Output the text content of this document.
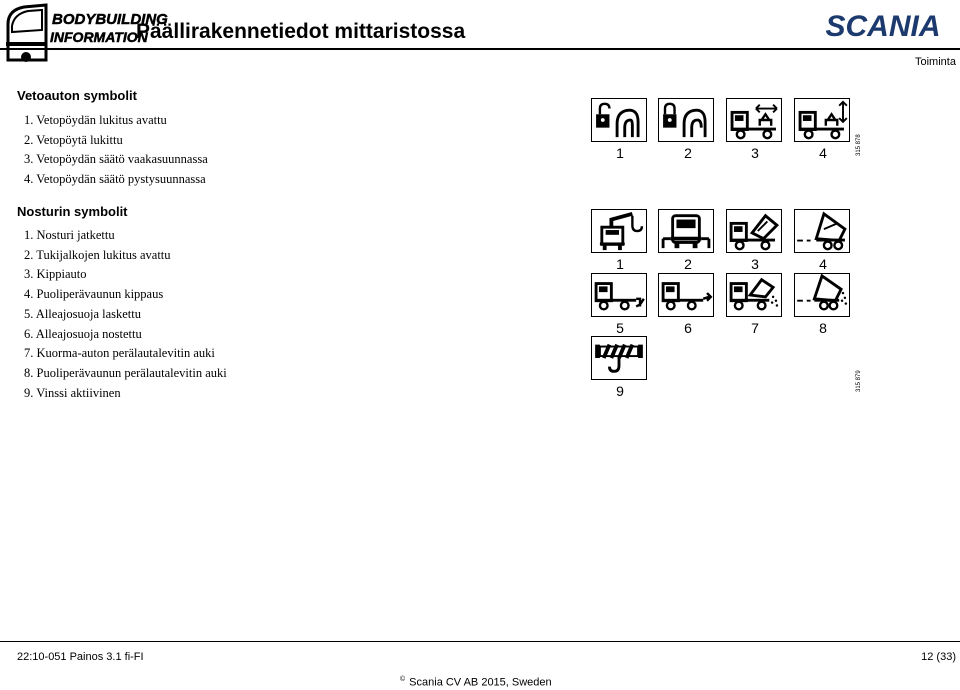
BODYBUILDING
INFORMATION
Päällirakennetiedot mittaristossa	SCANIA
Toiminta
Vetoauton symbolit
1. Vetopöydän lukitus avattu
2. Vetopöytä lukittu
3. Vetopöydän säätö vaakasuunnassa
4. Vetopöydän säätö pystysuunnassa
1	2	3	4	315 878
Nosturin symbolit
1. Nosturi jatkettu
2. Tukijalkojen lukitus avattu
3. Kippiauto
4. Puoliperävaunun kippaus
5. Alleajosuoja laskettu
6. Alleajosuoja nostettu
7. Kuorma-auton perälautalevitin auki
8. Puoliperävaunun perälautalevitin auki
9. Vinssi aktiivinen
1	2	3	4
5	6	7	8
9	315 879
22:10-051 Painos 3.1 fi-FI	12 (33)
© Scania CV AB 2015, Sweden
